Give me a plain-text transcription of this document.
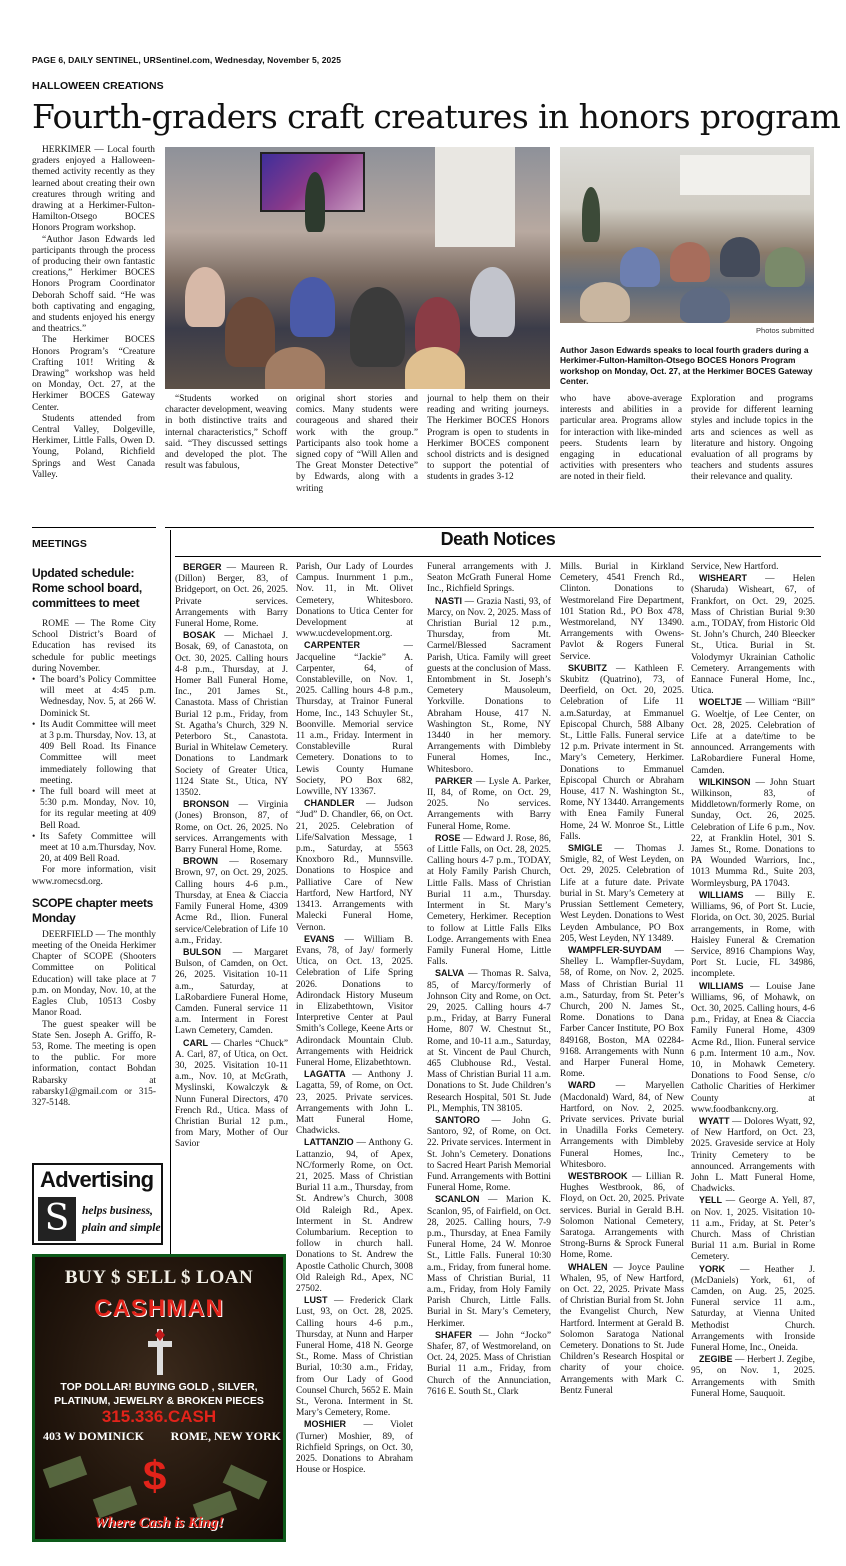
PAGE 6, DAILY SENTINEL, URSentinel.com, Wednesday, November 5, 2025
HALLOWEEN CREATIONS
Fourth-graders craft creatures in honors program

HERKIMER — Local fourth graders enjoyed a Halloween-themed activity recently as they learned about creating their own creatures through writing and drawing at a Herkimer-Fulton-Hamilton-Otsego BOCES Honors Program workshop.

“Author Jason Edwards led participants through the process of producing their own fantastic creations,” Herkimer BOCES Honors Program Coordinator Deborah Schoff said. “He was both captivating and engaging, and students enjoyed his energy and theatrics.”

The Herkimer BOCES Honors Program’s “Creature Crafting 101! Writing & Drawing” workshop was held on Monday, Oct. 27, at the Herkimer BOCES Gateway Center.

Students attended from Central Valley, Dolgeville, Herkimer, Little Falls, Owen D. Young, Poland, Richfield Springs and West Canada Valley.

Photos submitted
Author Jason Edwards speaks to local fourth graders during a Herkimer-Fulton-Hamilton-Otsego BOCES Honors Program workshop on Monday, Oct. 27, at the Herkimer BOCES Gateway Center.

“Students worked on character development, weaving in both distinctive traits and internal characteristics,” Schoff said. “They discussed settings and developed the plot. The result was fabulous,

original short stories and comics. Many students were courageous and shared their work with the group.” Participants also took home a signed copy of “Will Allen and The Great Monster Detective” by Edwards, along with a writing

journal to help them on their reading and writing journeys. The Herkimer BOCES Honors Program is open to students in Herkimer BOCES component school districts and is designed to support the potential of students in grades 3-12

who have above-average interests and abilities in a particular area. Programs allow for interaction with like-minded peers. Students learn by engaging in educational activities with presenters who are noted in their field.

Exploration and programs provide for different learning styles and include topics in the arts and sciences as well as literature and history. Ongoing evaluation of all programs by teachers and students assures their relevance and quality.

MEETINGS
Updated schedule: Rome school board, committees to meet

ROME — The Rome City School District’s Board of Education has revised its schedule for public meetings during November.

• The board’s Policy Committee will meet at 4:45 p.m. Wednesday, Nov. 5, at 266 W. Dominick St.
• Its Audit Committee will meet at 3 p.m. Thursday, Nov. 13, at 409 Bell Road. Its Finance Committee will meet immediately following that meeting.
• The full board will meet at 5:30 p.m. Monday, Nov. 10, for its regular meeting at 409 Bell Road.
• Its Safety Committee will meet at 10 a.m.Thursday, Nov. 20, at 409 Bell Road.

For more information, visit www.romecsd.org.

SCOPE chapter meets Monday

DEERFIELD — The monthly meeting of the Oneida Herkimer Chapter of SCOPE (Shooters Committee on Political Education) will take place at 7 p.m. on Monday, Nov. 10, at the Eagles Club, 10513 Cosby Manor Road.

The guest speaker will be State Sen. Joseph A. Griffo, R-53, Rome. The meeting is open to the public. For more information, contact Bohdan Rabarsky at rabarsky1@gmail.com or 315-327-5148.

Advertising
S	helps business,
plain and simple
BUY $ SELL $ LOAN
CASHMAN
TOP DOLLAR! BUYING GOLD , SILVER,
PLATINUM, JEWELRY & BROKEN PIECES
315.336.CASH
ROME, NEW YORK
403 W DOMINICK
$
Where Cash is King!
Death Notices

BERGER — Maureen R. (Dillon) Berger, 83, of Bridgeport, on Oct. 26, 2025. Private services. Arrangements with Barry Funeral Home, Rome.

BOSAK — Michael J. Bosak, 69, of Canastota, on Oct. 30, 2025. Calling hours 4-8 p.m., Thursday, at J. Homer Ball Funeral Home, Inc., 201 James St., Canastota. Mass of Christian Burial 12 p.m., Friday, from St. Agatha’s Church, 329 N. Peterboro St., Canastota. Burial in Whitelaw Cemetery. Donations to Landmark Society of Greater Utica, 1124 State St., Utica, NY 13502.

BRONSON — Virginia (Jones) Bronson, 87, of Rome, on Oct. 26, 2025. No services. Arrangements with Barry Funeral Home, Rome.

BROWN — Rosemary Brown, 97, on Oct. 29, 2025. Calling hours 4-6 p.m., Thursday, at Enea & Ciaccia Family Funeral Home, 4309 Acme Rd., Ilion. Funeral service/Celebration of Life 10 a.m., Friday.

BULSON — Margaret Bulson, of Camden, on Oct. 26, 2025. Visitation 10-11 a.m., Saturday, at LaRobardiere Funeral Home, Camden. Funeral service 11 a.m. Interment in Forest Lawn Cemetery, Camden.

CARL — Charles “Chuck” A. Carl, 87, of Utica, on Oct. 30, 2025. Visitation 10-11 a.m., Nov. 10, at McGrath, Myslinski, Kowalczyk & Nunn Funeral Directors, 470 French Rd., Utica. Mass of Christian Burial 12 p.m., from Mary, Mother of Our Savior

Parish, Our Lady of Lourdes Campus. Inurnment 1 p.m., Nov. 11, in Mt. Olivet Cemetery, Whitesboro. Donations to Utica Center for Development at www.ucdevelopment.org.

CARPENTER — Jacqueline “Jackie” A. Carpenter, 64, of Constableville, on Nov. 1, 2025. Calling hours 4-8 p.m., Thursday, at Trainor Funeral Home, Inc., 143 Schuyler St., Boonville. Memorial service 11 a.m., Friday. Interment in Constableville Rural Cemetery. Donations to to Lewis County Humane Society, PO Box 682, Lowville, NY 13367.

CHANDLER — Judson “Jud” D. Chandler, 66, on Oct. 21, 2025. Celebration of Life/Salvation Message, 1 p.m., Saturday, at 5563 Knoxboro Rd., Munnsville. Donations to Hospice and Palliative Care of New Hartford, New Hartford, NY 13413. Arrangements with Malecki Funeral Home, Vernon.

EVANS — William B. Evans, 78, of Jay/ formerly Utica, on Oct. 13, 2025. Celebration of Life Spring 2026. Donations to Adirondack History Museum in Elizabethtown, Visitor Interpretive Center at Paul Smith’s College, Keene Arts or Adirondack Mountain Club. Arrangements with Heidrick Funeral Home, Elizabethtown.

LAGATTA — Anthony J. Lagatta, 59, of Rome, on Oct. 23, 2025. Private services. Arrangements with John L. Matt Funeral Home, Chadwicks.

LATTANZIO — Anthony G. Lattanzio, 94, of Apex, NC/formerly Rome, on Oct. 21, 2025. Mass of Christian Burial 11 a.m., Thursday, from St. Andrew’s Church, 3008 Old Raleigh Rd., Apex. Interment in St. Andrew Columbarium. Reception to follow in church hall. Donations to St. Andrew the Apostle Catholic Church, 3008 Old Raleigh Rd., Apex, NC 27502.

LUST — Frederick Clark Lust, 93, on Oct. 28, 2025. Calling hours 4-6 p.m., Thursday, at Nunn and Harper Funeral Home, 418 N. George St., Rome. Mass of Christian Burial, 10:30 a.m., Friday, from Our Lady of Good Counsel Church, 5652 E. Main St., Verona. Interment in St. Mary’s Cemetery, Rome.

MOSHIER — Violet (Turner) Moshier, 89, of Richfield Springs, on Oct. 30, 2025. Donations to Abraham House or Hospice.

Funeral arrangements with J. Seaton McGrath Funeral Home Inc., Richfield Springs.

NASTI — Grazia Nasti, 93, of Marcy, on Nov. 2, 2025. Mass of Christian Burial 12 p.m., Thursday, from Mt. Carmel/Blessed Sacrament Parish, Utica. Family will greet guests at the conclusion of Mass. Entombment in St. Joseph’s Cemetery Mausoleum, Yorkville. Donations to Abraham House, 417 N. Washington St., Rome, NY 13440 in her memory. Arrangements with Dimbleby Funeral Homes, Inc., Whitesboro.

PARKER — Lysle A. Parker, II, 84, of Rome, on Oct. 29, 2025. No services. Arrangements with Barry Funeral Home, Rome.

ROSE — Edward J. Rose, 86, of Little Falls, on Oct. 28, 2025. Calling hours 4-7 p.m., TODAY, at Holy Family Parish Church, Little Falls. Mass of Christian Burial 11 a.m., Thursday. Interment in St. Mary’s Cemetery, Herkimer. Reception to follow at Little Falls Elks Lodge. Arrangements with Enea Family Funeral Home, Little Falls.

SALVA — Thomas R. Salva, 85, of Marcy/formerly of Johnson City and Rome, on Oct. 29, 2025. Calling hours 4-7 p.m., Friday, at Barry Funeral Home, 807 W. Chestnut St., Rome, and 10-11 a.m., Saturday, at St. Vincent de Paul Church, 465 Clubhouse Rd., Vestal. Mass of Christian Burial 11 a.m. Donations to St. Jude Children’s Research Hospital, 501 St. Jude Pl., Memphis, TN 38105.

SANTORO — John G. Santoro, 92, of Rome, on Oct. 22. Private services. Interment in St. John’s Cemetery. Donations to Sacred Heart Parish Memorial Fund. Arrangements with Bottini Funeral Home, Rome.

SCANLON — Marion K. Scanlon, 95, of Fairfield, on Oct. 28, 2025. Calling hours, 7-9 p.m., Thursday, at Enea Family Funeral Home, 24 W. Monroe St., Little Falls. Funeral 10:30 a.m., Friday, from funeral home. Mass of Christian Burial, 11 a.m., Friday, from Holy Family Parish Church, Little Falls. Burial in St. Mary’s Cemetery, Herkimer.

SHAFER — John “Jocko” Shafer, 87, of Westmoreland, on Oct. 24, 2025. Mass of Christian Burial 11 a.m., Friday, from Church of the Annunciation, 7616 E. South St., Clark

Mills. Burial in Kirkland Cemetery, 4541 French Rd., Clinton. Donations to Westmoreland Fire Department, 101 Station Rd., PO Box 478, Westmoreland, NY 13490. Arrangements with Owens-Pavlot & Rogers Funeral Service.

SKUBITZ — Kathleen F. Skubitz (Quatrino), 73, of Deerfield, on Oct. 20, 2025. Celebration of Life 11 a.m.Saturday, at Emmanuel Episcopal Church, 588 Albany St., Little Falls. Funeral service 12 p.m. Private interment in St. Mary’s Cemetery, Herkimer. Donations to Emmanuel Episcopal Church or Abraham House, 417 N. Washington St., Rome, NY 13440. Arrangements with Enea Family Funeral Home, 24 W. Monroe St., Little Falls.

SMIGLE — Thomas J. Smigle, 82, of West Leyden, on Oct. 29, 2025. Celebration of Life at a future date. Private burial in St. Mary’s Cemetery at Prussian Settlement Cemetery, West Leyden. Donations to West Leyden Ambulance, PO Box 205, West Leyden, NY 13489.

WAMPFLER-SUYDAM — Shelley L. Wampfler-Suydam, 58, of Rome, on Nov. 2, 2025. Mass of Christian Burial 11 a.m., Saturday, from St. Peter’s Church, 200 N. James St., Rome. Donations to Dana Farber Cancer Institute, PO Box 849168, Boston, MA 02284-9168. Arrangements with Nunn and Harper Funeral Home, Rome.

WARD — Maryellen (Macdonald) Ward, 84, of New Hartford, on Nov. 2, 2025. Private services. Private burial in Unadilla Forks Cemetery. Arrangements with Dimbleby Funeral Homes, Inc., Whitesboro.

WESTBROOK — Lillian R. Hughes Westbrook, 86, of Floyd, on Oct. 20, 2025. Private services. Burial in Gerald B.H. Solomon National Cemetery, Saratoga. Arrangements with Strong-Burns & Sprock Funeral Home, Rome.

WHALEN — Joyce Pauline Whalen, 95, of New Hartford, on Oct. 22, 2025. Private Mass of Christian Burial from St. John the Evangelist Church, New Hartford. Interment at Gerald B. Solomon Saratoga National Cemetery. Donations to St. Jude Children’s Research Hospital or charity of your choice. Arrangements with Mark C. Bentz Funeral

Service, New Hartford.

WISHEART — Helen (Sharuda) Wisheart, 67, of Frankfort, on Oct. 29, 2025. Mass of Christian Burial 9:30 a.m., TODAY, from Historic Old St. John’s Church, 240 Bleecker St., Utica. Burial in St. Volodymyr Ukrainian Catholic Cemetery. Arrangements with Eannace Funeral Home, Inc., Utica.

WOELTJE — William “Bill” G. Woeltje, of Lee Center, on Oct. 28, 2025. Celebration of Life at a date/time to be announced. Arrangements with LaRobardiere Funeral Home, Camden.

WILKINSON — John Stuart Wilkinson, 83, of Middletown/formerly Rome, on Sunday, Oct. 26, 2025. Celebration of Life 6 p.m., Nov. 22, at Franklin Hotel, 301 S. James St., Rome. Donations to PA Wounded Warriors, Inc., 1013 Mumma Rd., Suite 203, Wormleysburg, PA 17043.

WILLIAMS — Billy E. Williams, 96, of Port St. Lucie, Florida, on Oct. 30, 2025. Burial arrangements, in Rome, with Haisley Funeral & Cremation Service, 8916 Champions Way, Port St. Lucie, FL 34986, incomplete.

WILLIAMS — Louise Jane Williams, 96, of Mohawk, on Oct. 30, 2025. Calling hours, 4-6 p.m., Friday, at Enea & Ciaccia Family Funeral Home, 4309 Acme Rd., Ilion. Funeral service 6 p.m. Interment 10 a.m., Nov. 10, in Mohawk Cemetery. Donations to Food Sense, c/o Catholic Charities of Herkimer County at www.foodbankcny.org.

WYATT — Dolores Wyatt, 92, of New Hartford, on Oct. 23, 2025. Graveside service at Holy Trinity Cemetery to be announced. Arrangements with John L. Matt Funeral Home, Chadwicks.

YELL — George A. Yell, 87, on Nov. 1, 2025. Visitation 10-11 a.m., Friday, at St. Peter’s Church. Mass of Christian Burial 11 a.m. Burial in Rome Cemetery.

YORK — Heather J. (McDaniels) York, 61, of Camden, on Aug. 25, 2025. Funeral service 11 a.m., Saturday, at Vienna United Methodist Church. Arrangements with Ironside Funeral Home, Inc., Oneida.

ZEGIBE — Herbert J. Zegibe, 95, on Nov. 1, 2025. Arrangements with Smith Funeral Home, Sauquoit.
